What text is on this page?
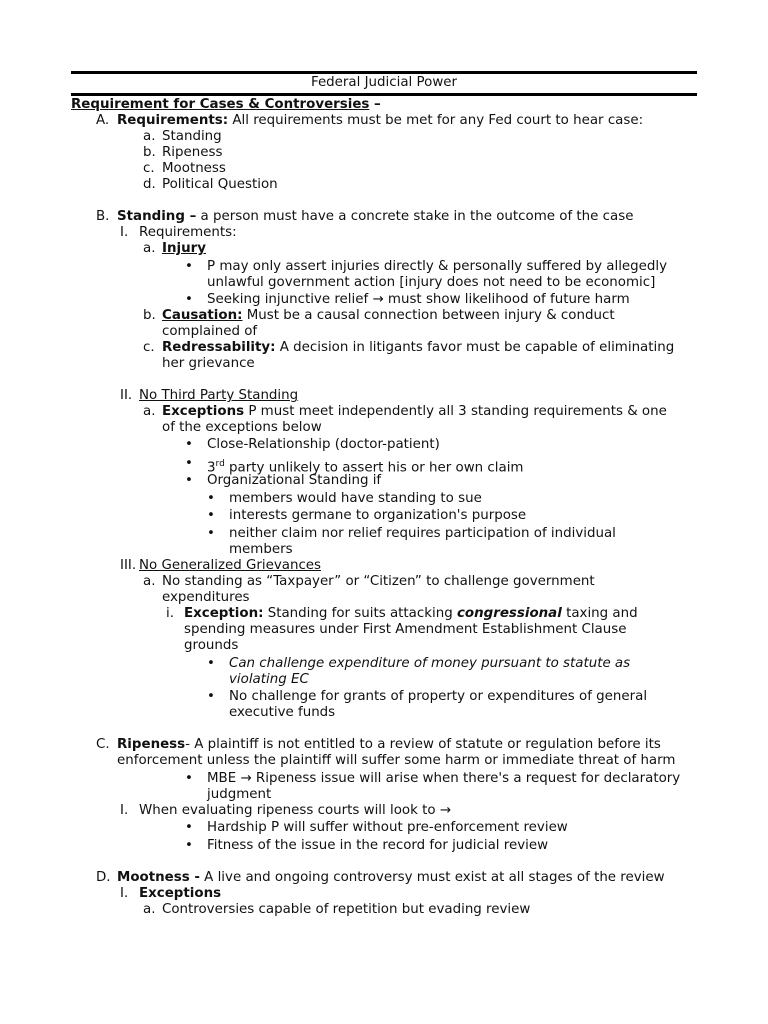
Federal Judicial Power
Requirement for Cases & Controversies –
A. Requirements: All requirements must be met for any Fed court to hear case:
a. Standing
b. Ripeness
c. Mootness
d. Political Question
B. Standing – a person must have a concrete stake in the outcome of the case
I. Requirements:
a. Injury
• P may only assert injuries directly & personally suffered by allegedly
unlawful government action [injury does not need to be economic]
• Seeking injunctive relief → must show likelihood of future harm
b. Causation: Must be a causal connection between injury & conduct
complained of
c. Redressability: A decision in litigants favor must be capable of eliminating
her grievance
II. No Third Party Standing
a. Exceptions P must meet independently all 3 standing requirements & one
of the exceptions below
• Close-Relationship (doctor-patient)
• 3rd party unlikely to assert his or her own claim
• Organizational Standing if
• members would have standing to sue
• interests germane to organization's purpose
• neither claim nor relief requires participation of individual
members
III. No Generalized Grievances
a. No standing as “Taxpayer” or “Citizen” to challenge government
expenditures
i. Exception: Standing for suits attacking congressional taxing and
spending measures under First Amendment Establishment Clause
grounds
• Can challenge expenditure of money pursuant to statute as
violating EC
• No challenge for grants of property or expenditures of general
executive funds
C. Ripeness- A plaintiff is not entitled to a review of statute or regulation before its
enforcement unless the plaintiff will suffer some harm or immediate threat of harm
• MBE → Ripeness issue will arise when there's a request for declaratory
judgment
I. When evaluating ripeness courts will look to →
• Hardship P will suffer without pre-enforcement review
• Fitness of the issue in the record for judicial review
D. Mootness - A live and ongoing controversy must exist at all stages of the review
I. Exceptions
a. Controversies capable of repetition but evading review
